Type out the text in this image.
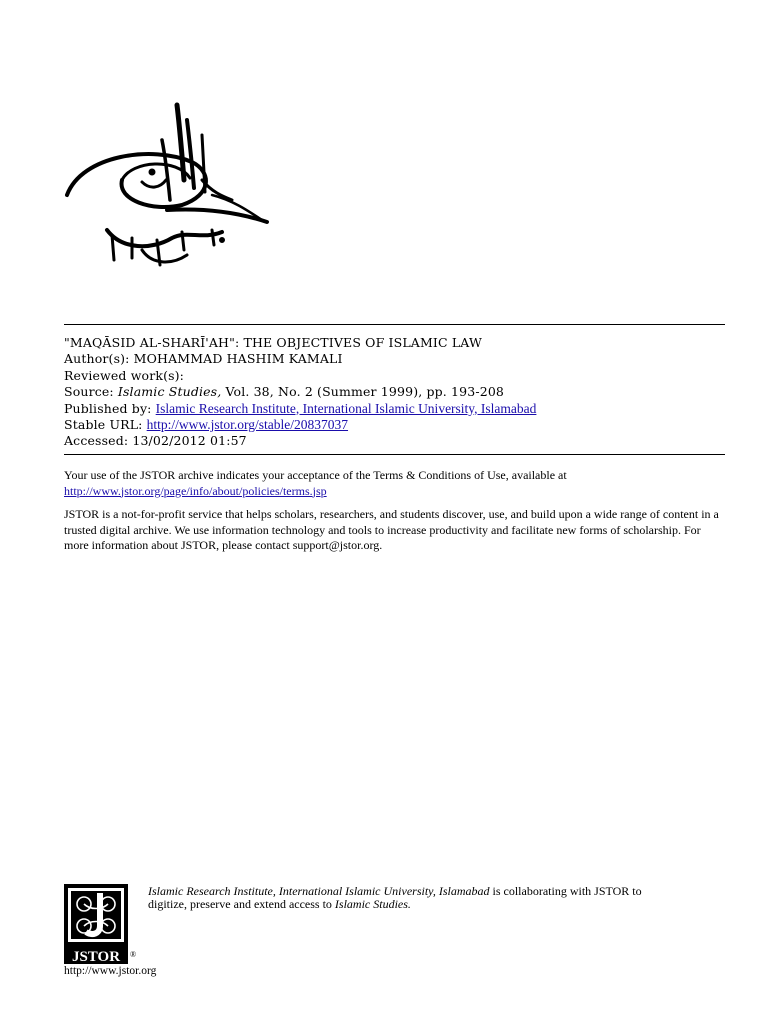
"MAQĀSID AL-SHARĪ'AH": THE OBJECTIVES OF ISLAMIC LAW
Author(s): MOHAMMAD HASHIM KAMALI
Reviewed work(s):
Source: Islamic Studies, Vol. 38, No. 2 (Summer 1999), pp. 193-208
Published by: Islamic Research Institute, International Islamic University, Islamabad
Stable URL: http://www.jstor.org/stable/20837037
Accessed: 13/02/2012 01:57

Your use of the JSTOR archive indicates your acceptance of the Terms & Conditions of Use, available at
http://www.jstor.org/page/info/about/policies/terms.jsp

JSTOR is a not-for-profit service that helps scholars, researchers, and students discover, use, and build upon a wide range of content in a trusted digital archive. We use information technology and tools to increase productivity and facilitate new forms of scholarship. For more information about JSTOR, please contact support@jstor.org.

JSTOR ®
http://www.jstor.org
Islamic Research Institute, International Islamic University, Islamabad is collaborating with JSTOR to
digitize, preserve and extend access to Islamic Studies.
